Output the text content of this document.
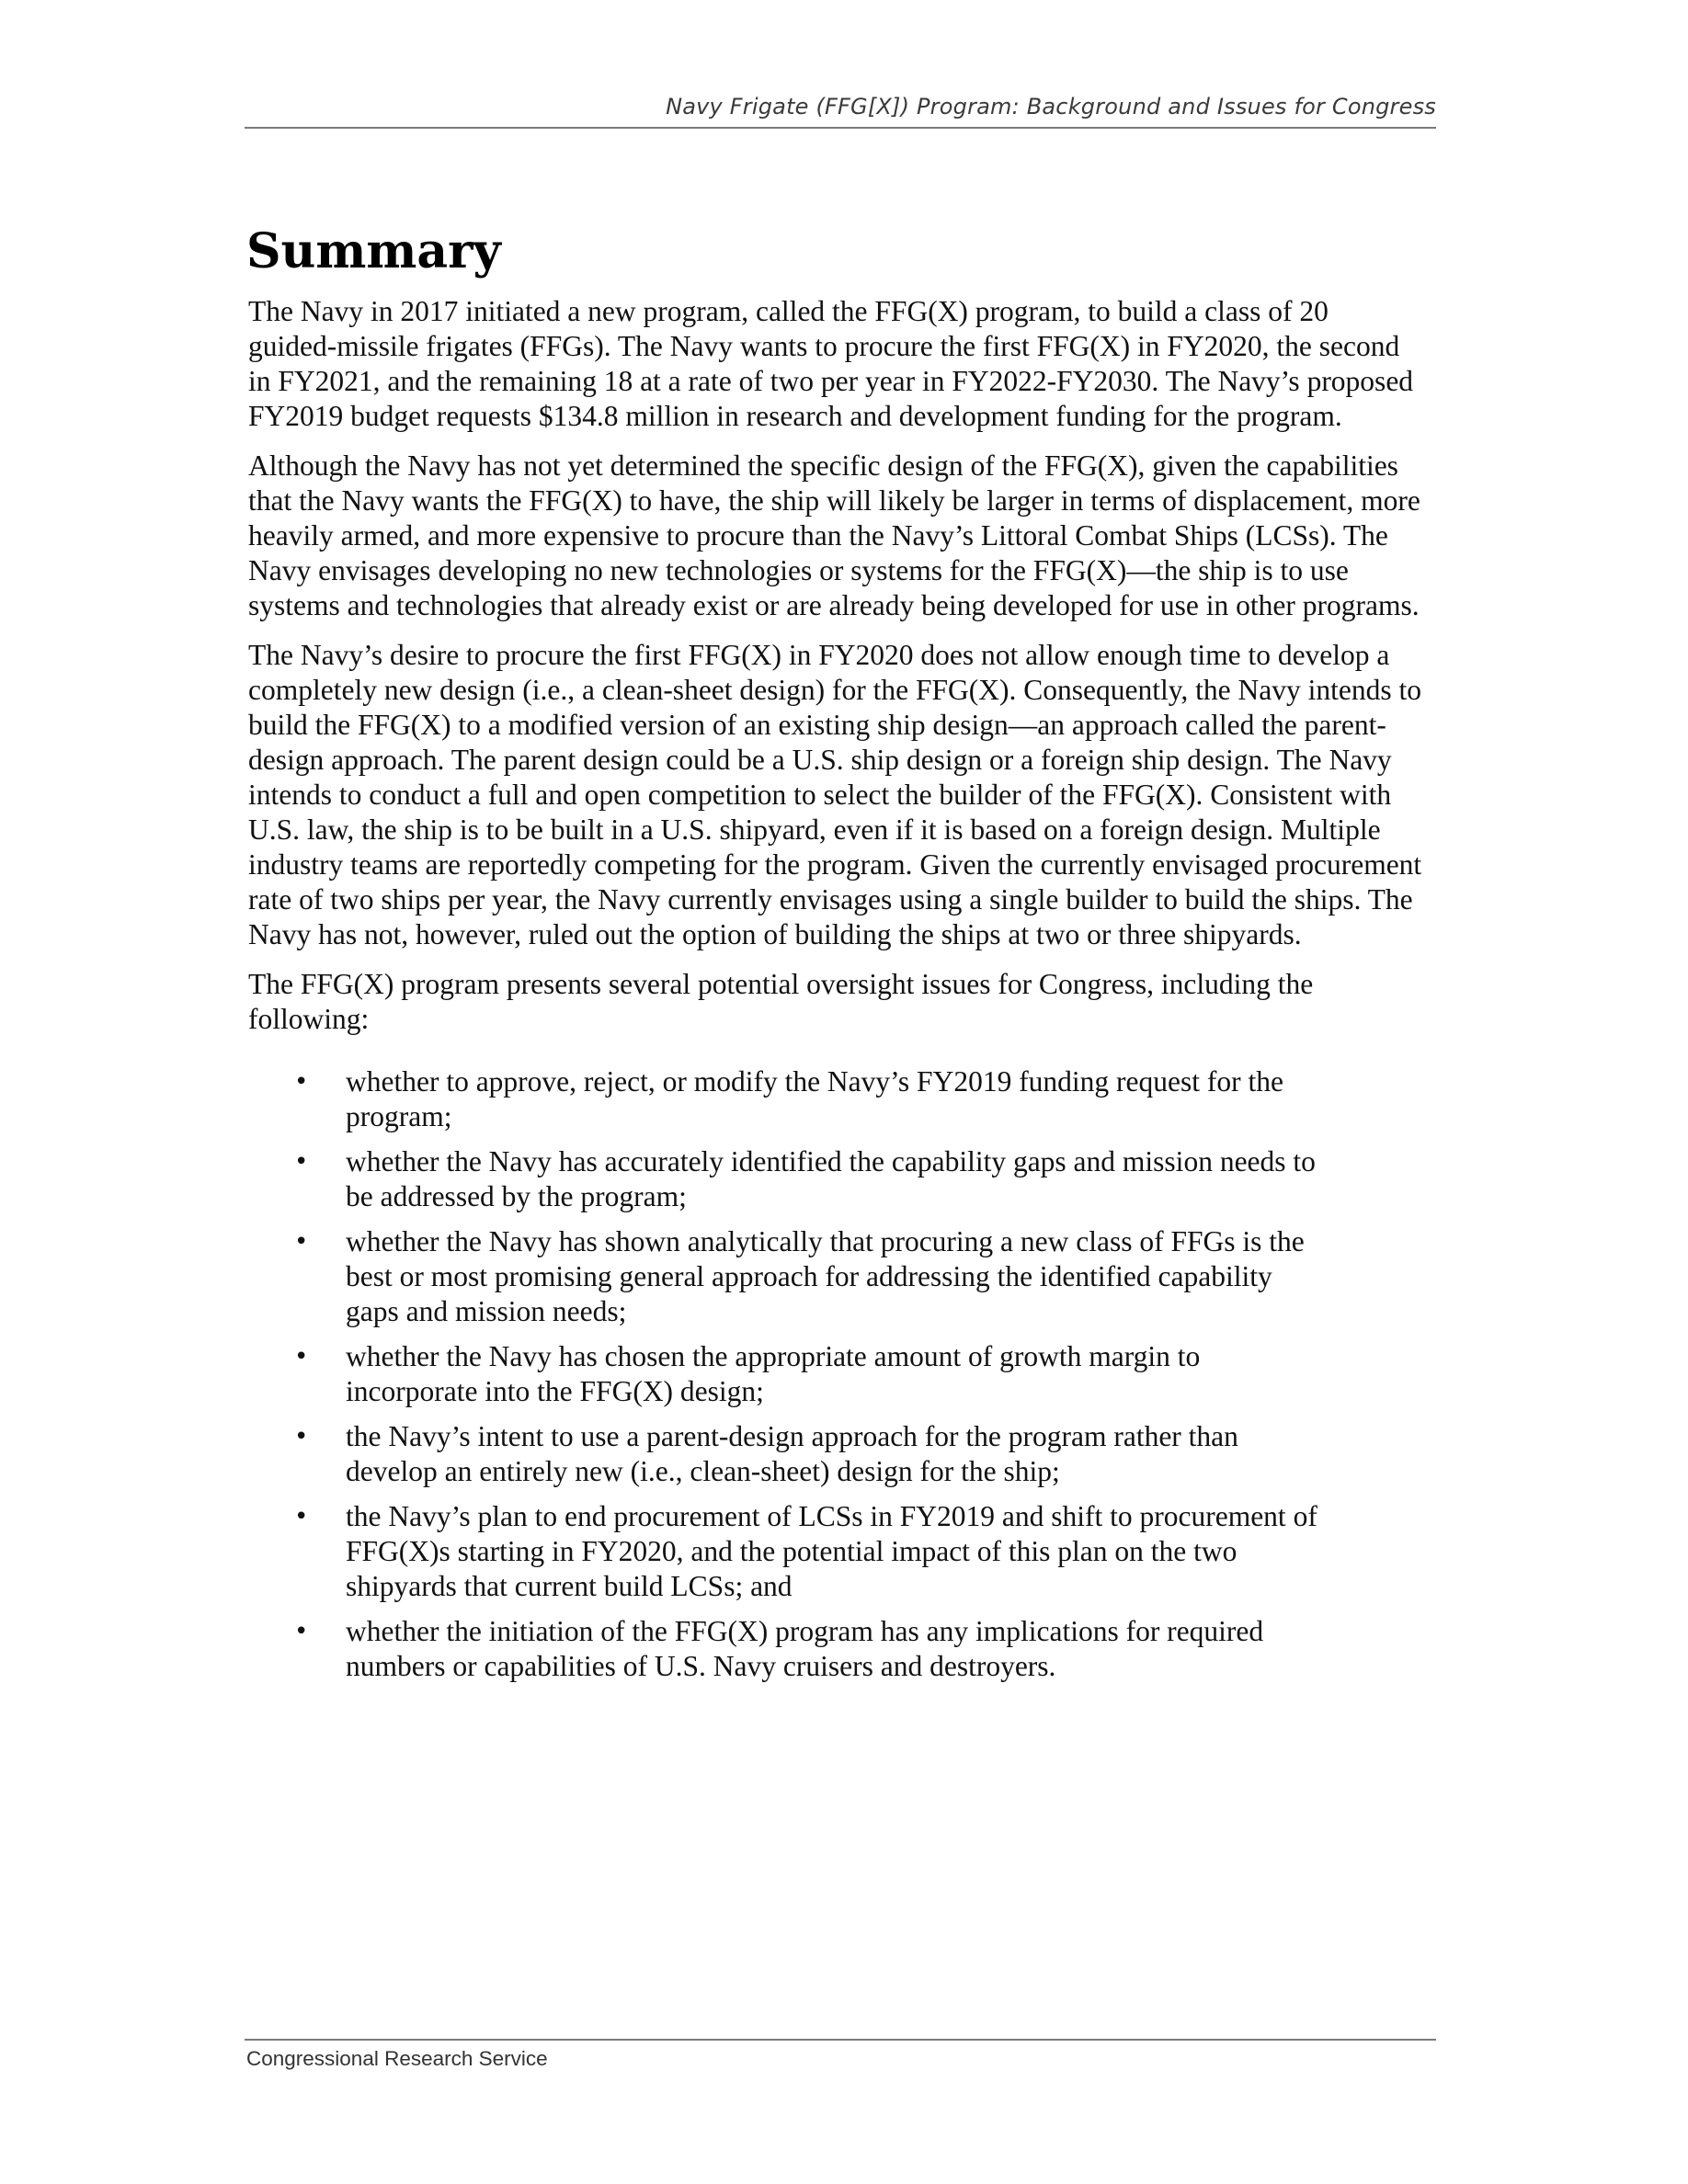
Navy Frigate (FFG[X]) Program: Background and Issues for Congress
Summary

The Navy in 2017 initiated a new program, called the FFG(X) program, to build a class of 20 guided-missile frigates (FFGs). The Navy wants to procure the first FFG(X) in FY2020, the second in FY2021, and the remaining 18 at a rate of two per year in FY2022-FY2030. The Navy’s proposed FY2019 budget requests $134.8 million in research and development funding for the program.

Although the Navy has not yet determined the specific design of the FFG(X), given the capabilities that the Navy wants the FFG(X) to have, the ship will likely be larger in terms of displacement, more heavily armed, and more expensive to procure than the Navy’s Littoral Combat Ships (LCSs). The Navy envisages developing no new technologies or systems for the FFG(X)—the ship is to use systems and technologies that already exist or are already being developed for use in other programs.

The Navy’s desire to procure the first FFG(X) in FY2020 does not allow enough time to develop a completely new design (i.e., a clean-sheet design) for the FFG(X). Consequently, the Navy intends to build the FFG(X) to a modified version of an existing ship design—an approach called the parent-design approach. The parent design could be a U.S. ship design or a foreign ship design. The Navy intends to conduct a full and open competition to select the builder of the FFG(X). Consistent with U.S. law, the ship is to be built in a U.S. shipyard, even if it is based on a foreign design. Multiple industry teams are reportedly competing for the program. Given the currently envisaged procurement rate of two ships per year, the Navy currently envisages using a single builder to build the ships. The Navy has not, however, ruled out the option of building the ships at two or three shipyards.

The FFG(X) program presents several potential oversight issues for Congress, including the following:

• whether to approve, reject, or modify the Navy’s FY2019 funding request for the program;
• whether the Navy has accurately identified the capability gaps and mission needs to be addressed by the program;
• whether the Navy has shown analytically that procuring a new class of FFGs is the best or most promising general approach for addressing the identified capability gaps and mission needs;
• whether the Navy has chosen the appropriate amount of growth margin to incorporate into the FFG(X) design;
• the Navy’s intent to use a parent-design approach for the program rather than develop an entirely new (i.e., clean-sheet) design for the ship;
• the Navy’s plan to end procurement of LCSs in FY2019 and shift to procurement of FFG(X)s starting in FY2020, and the potential impact of this plan on the two shipyards that current build LCSs; and
• whether the initiation of the FFG(X) program has any implications for required numbers or capabilities of U.S. Navy cruisers and destroyers.
Congressional Research Service
